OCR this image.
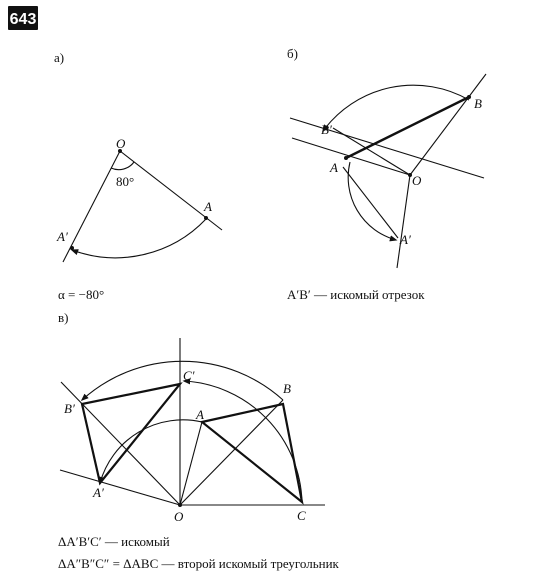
643
а)
O
A
A′
80°
α = −80°
б)
B
B′
A
O
A′
A′B′ — искомый отрезок
в)
O
A
B
C
A′
B′
C′
ΔA′B′C′ — искомый
ΔA″B″C″ = ΔABC — второй искомый треугольник
